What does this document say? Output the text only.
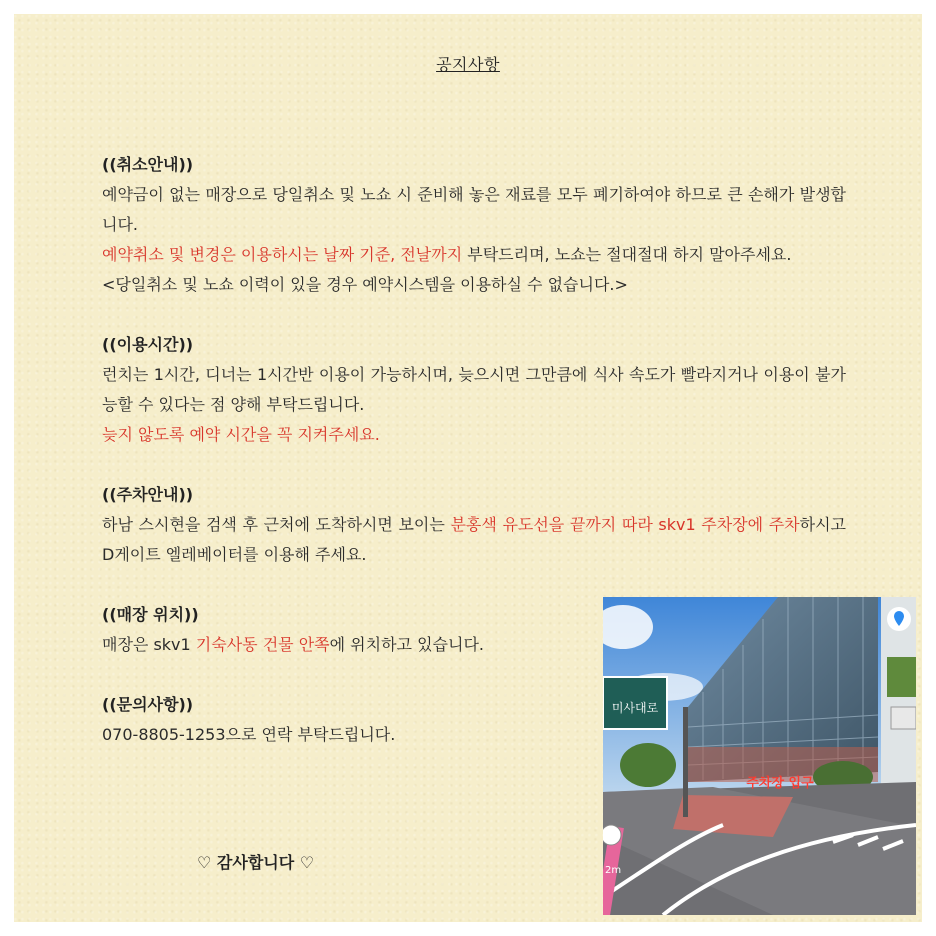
공지사항

((취소안내))

예약금이 없는 매장으로 당일취소 및 노쇼 시 준비해 놓은 재료를 모두 폐기하여야 하므로 큰 손해가 발생합니다.

예약취소 및 변경은 이용하시는 날짜 기준, 전날까지 부탁드리며, 노쇼는 절대절대 하지 말아주세요.

<당일취소 및 노쇼 이력이 있을 경우 예약시스템을 이용하실 수 없습니다.>

((이용시간))

런치는 1시간, 디너는 1시간반 이용이 가능하시며, 늦으시면 그만큼에 식사 속도가 빨라지거나 이용이 불가능할 수 있다는 점 양해 부탁드립니다.

늦지 않도록 예약 시간을 꼭 지켜주세요.

((주차안내))

하남 스시현을 검색 후 근처에 도착하시면 보이는 분홍색 유도선을 끝까지 따라 skv1 주차장에 주차하시고 D게이트 엘레베이터를 이용해 주세요.

((매장 위치))

매장은 skv1 기숙사동 건물 안쪽에 위치하고 있습니다.

((문의사항))

070-8805-1253으로 연락 부탁드립니다.

♡ 감사합니다 ♡
미사대로
주차장 입구
2m
